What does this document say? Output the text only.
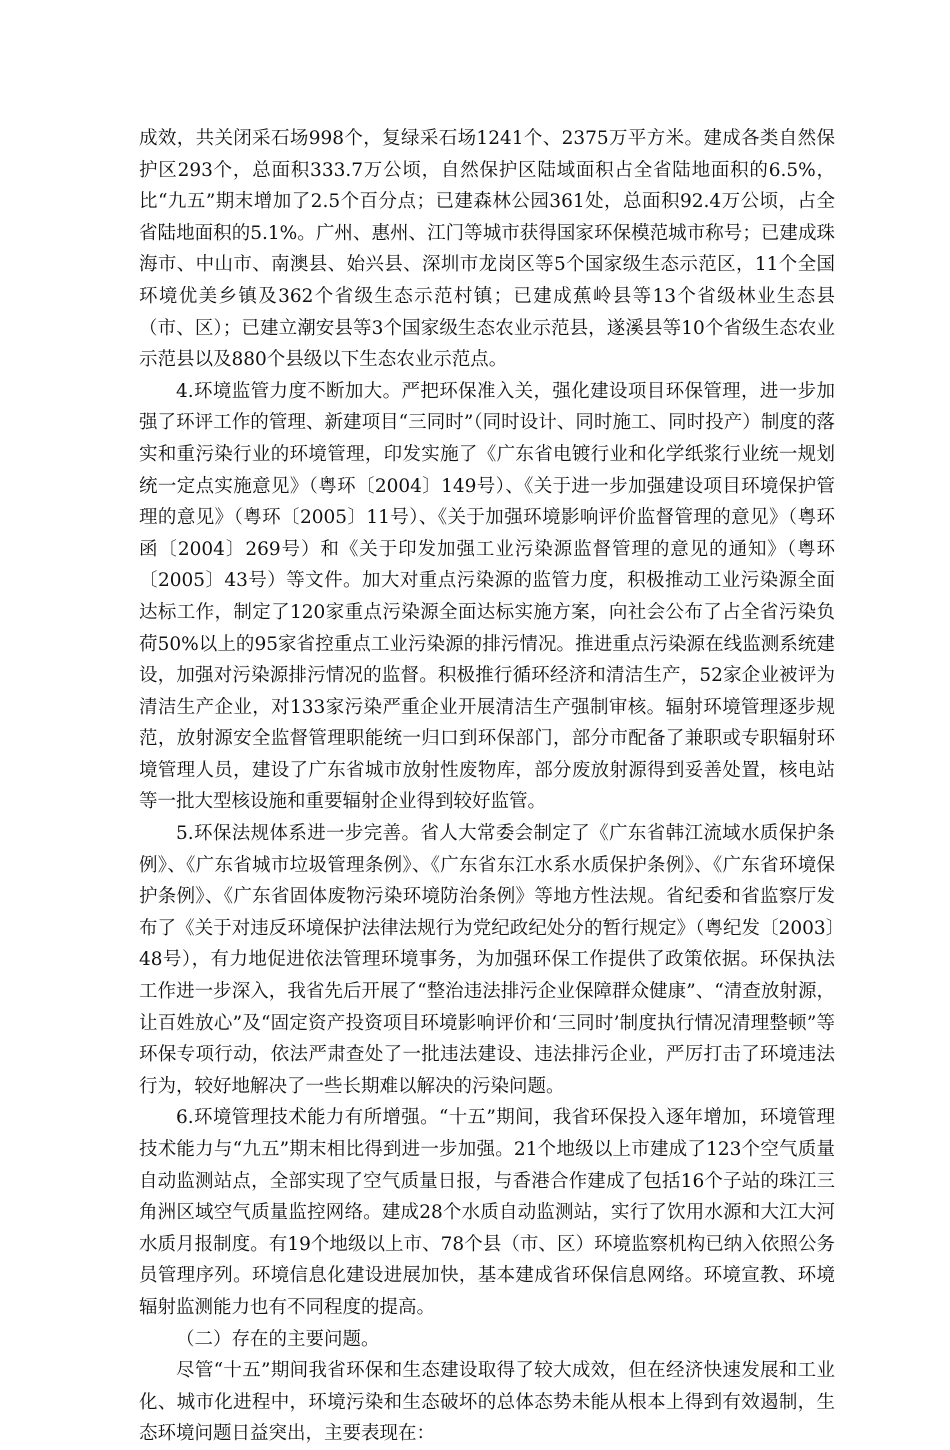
成效，共关闭采石场998个，复绿采石场1241个、2375万平方米。建成各类自然保护区293个，总面积333.7万公顷，自然保护区陆域面积占全省陆地面积的6.5%，比“九五”期末增加了2.5个百分点；已建森林公园361处，总面积92.4万公顷，占全省陆地面积的5.1%。广州、惠州、江门等城市获得国家环保模范城市称号；已建成珠海市、中山市、南澳县、始兴县、深圳市龙岗区等5个国家级生态示范区，11个全国环境优美乡镇及362个省级生态示范村镇；已建成蕉岭县等13个省级林业生态县（市、区）；已建立潮安县等3个国家级生态农业示范县，遂溪县等10个省级生态农业示范县以及880个县级以下生态农业示范点。

4.环境监管力度不断加大。严把环保准入关，强化建设项目环保管理，进一步加强了环评工作的管理、新建项目“三同时”（同时设计、同时施工、同时投产）制度的落实和重污染行业的环境管理，印发实施了《广东省电镀行业和化学纸浆行业统一规划统一定点实施意见》（粤环〔2004〕149号）、《关于进一步加强建设项目环境保护管理的意见》（粤环〔2005〕11号）、《关于加强环境影响评价监督管理的意见》（粤环函〔2004〕269号）和《关于印发加强工业污染源监督管理的意见的通知》（粤环〔2005〕43号）等文件。加大对重点污染源的监管力度，积极推动工业污染源全面达标工作，制定了120家重点污染源全面达标实施方案，向社会公布了占全省污染负荷50%以上的95家省控重点工业污染源的排污情况。推进重点污染源在线监测系统建设，加强对污染源排污情况的监督。积极推行循环经济和清洁生产，52家企业被评为清洁生产企业，对133家污染严重企业开展清洁生产强制审核。辐射环境管理逐步规范，放射源安全监督管理职能统一归口到环保部门，部分市配备了兼职或专职辐射环境管理人员，建设了广东省城市放射性废物库，部分废放射源得到妥善处置，核电站等一批大型核设施和重要辐射企业得到较好监管。

5.环保法规体系进一步完善。省人大常委会制定了《广东省韩江流域水质保护条例》、《广东省城市垃圾管理条例》、《广东省东江水系水质保护条例》、《广东省环境保护条例》、《广东省固体废物污染环境防治条例》等地方性法规。省纪委和省监察厅发布了《关于对违反环境保护法律法规行为党纪政纪处分的暂行规定》（粤纪发〔2003〕48号），有力地促进依法管理环境事务，为加强环保工作提供了政策依据。环保执法工作进一步深入，我省先后开展了“整治违法排污企业保障群众健康”、“清查放射源，让百姓放心”及“固定资产投资项目环境影响评价和‘三同时’制度执行情况清理整顿”等环保专项行动，依法严肃查处了一批违法建设、违法排污企业，严厉打击了环境违法行为，较好地解决了一些长期难以解决的污染问题。

6.环境管理技术能力有所增强。“十五”期间，我省环保投入逐年增加，环境管理技术能力与“九五”期末相比得到进一步加强。21个地级以上市建成了123个空气质量自动监测站点，全部实现了空气质量日报，与香港合作建成了包括16个子站的珠江三角洲区域空气质量监控网络。建成28个水质自动监测站，实行了饮用水源和大江大河水质月报制度。有19个地级以上市、78个县（市、区）环境监察机构已纳入依照公务员管理序列。环境信息化建设进展加快，基本建成省环保信息网络。环境宣教、环境辐射监测能力也有不同程度的提高。

（二）存在的主要问题。

尽管“十五”期间我省环保和生态建设取得了较大成效，但在经济快速发展和工业化、城市化进程中，环境污染和生态破坏的总体态势未能从根本上得到有效遏制，生态环境问题日益突出，主要表现在：
